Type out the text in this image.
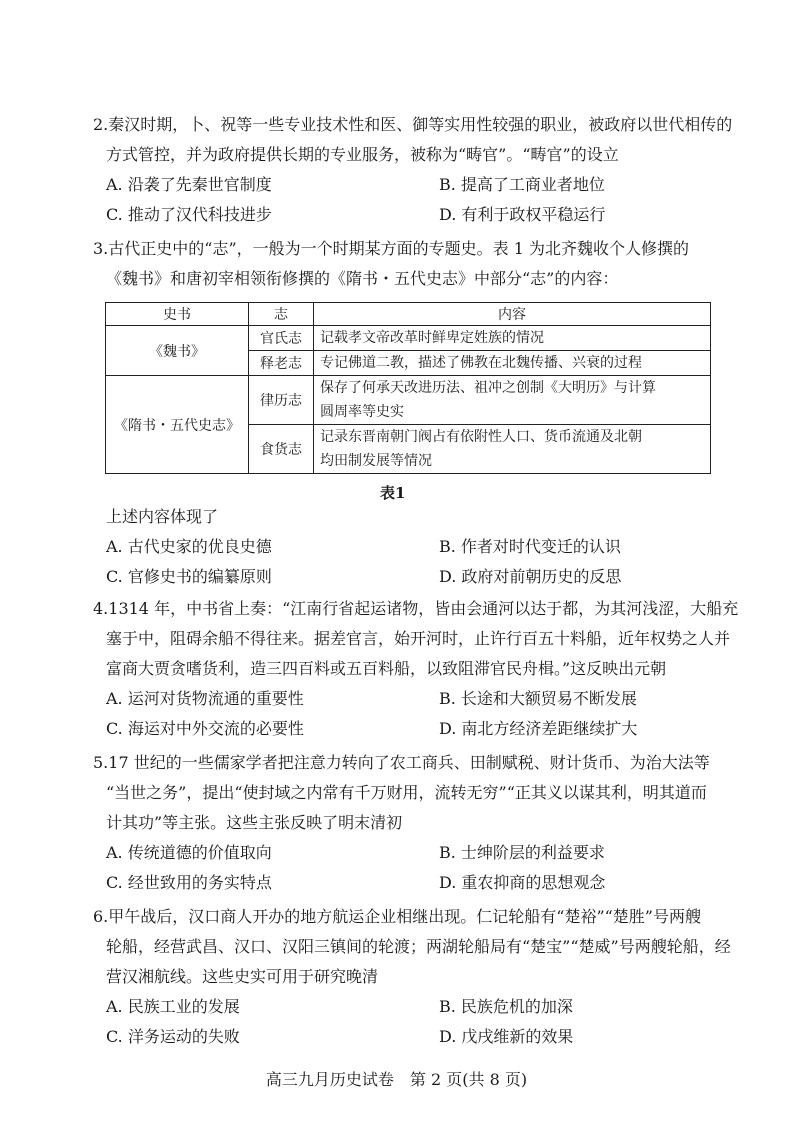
2.秦汉时期，卜、祝等一些专业技术性和医、御等实用性较强的职业，被政府以世代相传的
方式管控，并为政府提供长期的专业服务，被称为“畴官”。“畴官”的设立
A. 沿袭了先秦世官制度	B. 提高了工商业者地位
C. 推动了汉代科技进步	D. 有利于政权平稳运行
3.古代正史中的“志”，一般为一个时期某方面的专题史。表 1 为北齐魏收个人修撰的
《魏书》和唐初宰相领衔修撰的《隋书・五代史志》中部分“志”的内容：
史书	志	内容
《魏书》	官氏志	记载孝文帝改革时鲜卑定姓族的情况
	释老志	专记佛道二教，描述了佛教在北魏传播、兴衰的过程
《隋书・五代史志》	律历志	保存了何承天改进历法、祖冲之创制《大明历》与计算
圆周率等史实

	食货志	记录东晋南朝门阀占有依附性人口、货币流通及北朝
均田制发展等情况
表1
上述内容体现了
A. 古代史家的优良史德	B. 作者对时代变迁的认识
C. 官修史书的编纂原则	D. 政府对前朝历史的反思
4.1314 年，中书省上奏：“江南行省起运诸物，皆由会通河以达于都，为其河浅涩，大船充
塞于中，阻碍余船不得往来。据差官言，始开河时，止许行百五十料船，近年权势之人并
富商大贾贪嗜货利，造三四百料或五百料船，以致阻滞官民舟楫。”这反映出元朝
A. 运河对货物流通的重要性	B. 长途和大额贸易不断发展
C. 海运对中外交流的必要性	D. 南北方经济差距继续扩大
5.17 世纪的一些儒家学者把注意力转向了农工商兵、田制赋税、财计货币、为治大法等
“当世之务”，提出“使封域之内常有千万财用，流转无穷”“正其义以谋其利，明其道而
计其功”等主张。这些主张反映了明末清初
A. 传统道德的价值取向	B. 士绅阶层的利益要求
C. 经世致用的务实特点	D. 重农抑商的思想观念
6.甲午战后，汉口商人开办的地方航运企业相继出现。仁记轮船有“楚裕”“楚胜”号两艘
轮船，经营武昌、汉口、汉阳三镇间的轮渡；两湖轮船局有“楚宝”“楚威”号两艘轮船，经
营汉湘航线。这些史实可用于研究晚清
A. 民族工业的发展	B. 民族危机的加深
C. 洋务运动的失败	D. 戊戌维新的效果
高三九月历史试卷　第 2 页(共 8 页)
